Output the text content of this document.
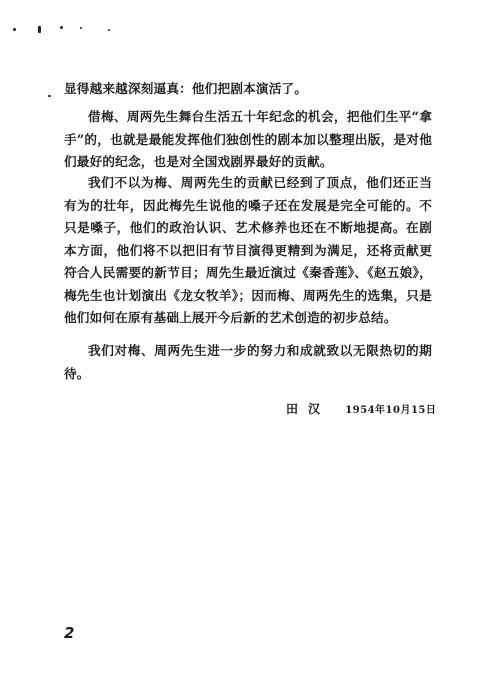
显得越来越深刻逼真：他们把剧本演活了。

借梅、周两先生舞台生活五十年纪念的机会，把他们生平“拿手”的，也就是最能发挥他们独创性的剧本加以整理出版，是对他们最好的纪念，也是对全国戏剧界最好的贡献。

我们不以为梅、周两先生的贡献已经到了顶点，他们还正当有为的壮年，因此梅先生说他的嗓子还在发展是完全可能的。不只是嗓子，他们的政治认识、艺术修养也还在不断地提高。在剧本方面，他们将不以把旧有节目演得更精到为满足，还将贡献更符合人民需要的新节目；周先生最近演过《秦香莲》、《赵五娘》，梅先生也计划演出《龙女牧羊》；因而梅、周两先生的选集，只是他们如何在原有基础上展开今后新的艺术创造的初步总结。

我们对梅、周两先生进一步的努力和成就致以无限热切的期待。

田汉 1954年10月15日
2
